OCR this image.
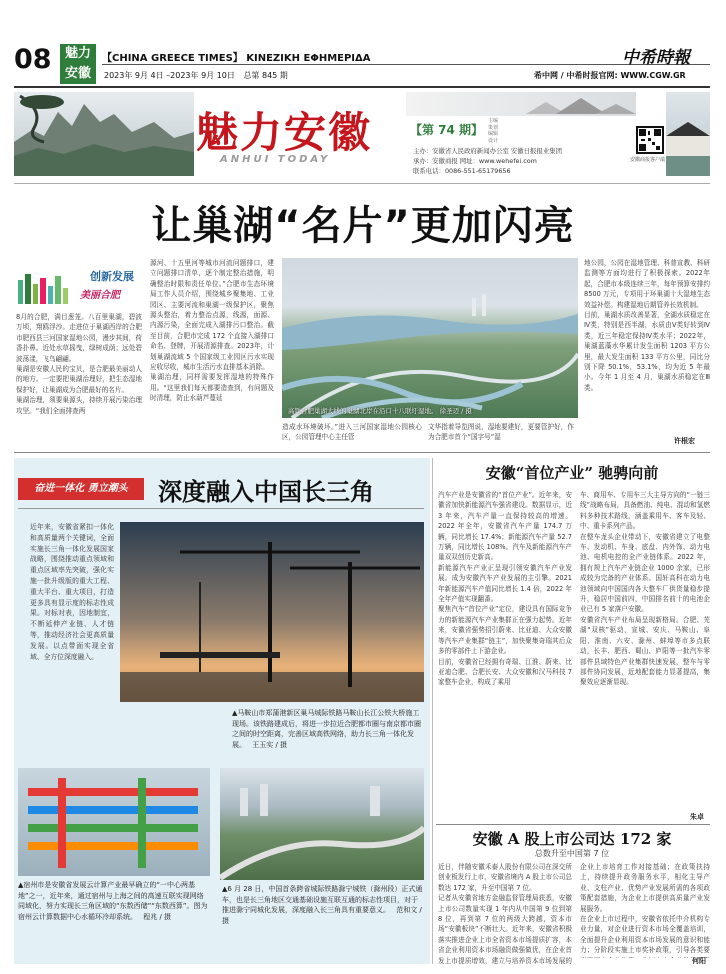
08	魅力
安徽
【CHINA GREECE TIMES】 KINEZIKH EΦHMEPIΔA
2023年 9月 4日 –2023年 9月 10日 总第 845 期
中希時報
希中网 / 中希时报官网: WWW.CGW.GR
魅力安徽
ANHUI TODAY
【第 74 期】
主编
策划
编辑
设计
主办：安徽省人民政府新闻办公室 安徽日报报业集团
承办：安徽商报 网址：www.wehefei.com
联系电话：0086-551-65179656
安徽商报客户端
让巢湖“名片”更加闪亮
创新发展
美丽合肥
8月的合肥，满目葱茏。八百里巢湖，碧波万顷，翔鸥浮沙。走进位于巢湖西岸的合肥市肥西县三河国家湿地公园，漫步其间，荷香扑鼻。近处水草摇曳，绿树成荫；远处碧波荡漾，飞鸟翩翩。
巢湖是安徽人民的宝贝，是合肥最美丽动人的地方。一定要把巢湖治理好，把生态湿地保护好，让巢湖成为合肥最好的名片。
巢湖治理，须要巢源头，持续开展污染治理攻坚。“我们全面排查两
源河、十五里河等城市河流问题排口，建立问题排口清单，逐个制定整治措施，明确整治时限和责任单位。”合肥市生态环境局工作人员介绍，围绕城乡聚集地、工业园区、主要河流和巢湖一级保护区，聚焦源头整治，着力整治点源，线源，面源、内源污染，全面完成入湖排污口整治。截至目前，合肥市完成 172 个直接入湖排口命名、登牌，开展清源排查。2023年，计划巢湖流域 5 个国家级工业园区污水实现应收尽收，城市生活污水直排基本消除。
巢湖治理，同样需要发挥湿地的特殊作用。“这里我们每天都要造查到，有问题及时清理，防止水葫芦蔓延
高铁合肥巢湖大线的巢湖北岸在沿口十八联圩湿地。 徐圣迈 / 摄
造成水环境破坏。”进入三河国家湿地公园核心区，公园管理中心主任管
文华指着导览图说，湿地要建好，更要管护好，作为合肥市首个“国字号”湿
地公园，公园在湿地管理、科普宣教、科研监测等方面均进行了积极探索。2022年起，合肥市本级连续三年，每年预算安排约 8500 万元，专项用于环巢湖十大湿地生态效益补偿。构建湿地后期管养长效机制。
目前，巢湖水质改善显著，全湖水质稳定在Ⅳ类，特别是西半湖，水质由Ⅴ类好转到Ⅳ类，近三年稳定保持Ⅳ类水平；2022年，巢湖蓝藻水华累计发生面积 1203 平方公里，最大发生面积 133 平方公里，同比分别下降 50.1%，53.1%，均为近 5 年最小。今年 1 月至 4 月，巢湖水质稳定在Ⅲ类。
许根宏
奋进一体化 勇立潮头	深度融入中国长三角
近年来，安徽省紧扣一体化和高质量两个关键词，全面实施长三角一体化发展国家战略，围绕推动重点领域和重点区域率先突破，强化实施一批升级版的重大工程、重大平台、重大项目，打造更多具有显示度的标志性成果。对标对表，因地制宜，不断延伸产业链、人才链等，推动经济社会更高质量发展。以点带面实现全省域、全方位深度融入。
▲马鞍山市郑蒲港新区巢马城际铁路马鞍山长江公铁大桥施工现场。该铁路建成后，将进一步拉近合肥都市圈与南京都市圈之间的时空距离，完善区域高铁网络，助力长三角一体化发展。 王玉实 / 摄
▲宿州市是安徽省发展云计算产业最早确立的“一中心两基地”之一，近年来，通过宿州与上海之间的高速互联实现网络同域化，努力实现长三角区域的“东数西储”“东数西算”。图为宿州云计算数据中心水循环冷却系统。 程兆 / 摄
▲6 月 28 日，中国首条跨省城际铁路滁宁城铁（滁州段）正式通车，也是长三角地区交通基础设施互联互通的标志性项目，对于推进滁宁同城化发展，深度融入长三角具有重要意义。 范和文 / 摄
安徽“首位产业” 驰骋向前
汽车产业是安徽省的“首位产业”。近年来，安徽省加快新能源汽车强省建设。数据显示，近 3 年来，汽车产量一直保持较高的增速。2022 年全年，安徽省汽车产量 174.7 万辆，同比增长 17.4%；新能源汽车产量 52.7 万辆，同比增长 108%。汽车及新能源汽车产量双双创历史新高。
新能源汽车产业正呈现引领安徽汽车产业发展。成为安徽汽车产业发展的主引擎。2021 年新能源汽车产值同比增长 1.4 倍，2022 年全年产值实现翻番。
聚焦汽车“首位产业”定位，建设具有国际竞争力的新能源汽车产业集群正在强力起势。近年来，安徽省强势招引蔚来、比亚迪、大众安徽等汽车产业集群“链主”，加快聚集奇瑞其后众多的零部件上下游企业。
目前，安徽省已经拥有奇瑞、江淮、蔚来、比亚迪合肥、合肥长安、大众安徽和汉马科技 7 家整车企业，构成了乘用
车、商用车、专用车三大主导方向的“一链三线”战略布局，具备燃油、纯电、混动和氢燃料多种技术路线，涵盖乘用车、客车及轻、中、重卡系列产品。
在整车龙头企业带动下，安徽省建立了电整车、发动机、车身、底盘、内外饰、动力电池、电机电控的全产业链体系。2022 年，拥有规上汽车产业链企业 1000 余家，已形成较为完备的产业体系。国轩高科在动力电池领域向中国国内各大整车厂供货量稳步提升，稳居中国前四，中国排名前十的电池企业已有 5 家落户安徽。
安徽省汽车产业布局呈现新格局。合肥、芜湖“双核”驱动，宣城、安庆、马鞍山、阜阳、淮南、六安、滁州、蚌埠等市多点联动，长丰、肥西、蜀山、庐阳等一批汽车零部件县域特色产业集群快速发展，整车与零部件协同发展，近地配套能力显著提高，集聚效应逐渐显现。
朱卓
安徽 A 股上市公司达 172 家
总数升至中国第 7 位
近日，伴随安徽禾泰人股份有限公司在深交所创业板发行上市，安徽省境内 A 股上市公司总数达 172 家，升至中国第 7 位。
记者从安徽省地方金融监督管理局获悉，安徽上市公司数量实现 1 年内从中国第 9 位到第 8 位，再到第 7 位的两级大跨越，资本市场“安徽板块”不断壮大。近年来，安徽省积极落实推进企业上市全省资本市场提质扩容，本省企业利用资本市场融资做强做优，在企业首发上市提质增效，建立与培养资本市场发展的
企业上市培育工作对接基础；在政策扶持上，持续提升政务服务水平，相化主导产业、支柱产业、优势产业发展所需的各项政策配套措施，为企业上市提供高质量产业发展服务。
在企业上市过程中，安徽省依托中介机构专业力量，对企业进行资本市场全覆盖培训，全面提升企业利用资本市场发展的意识和能力；分阶段实施上市奖补政策，引导各类要
何阳
